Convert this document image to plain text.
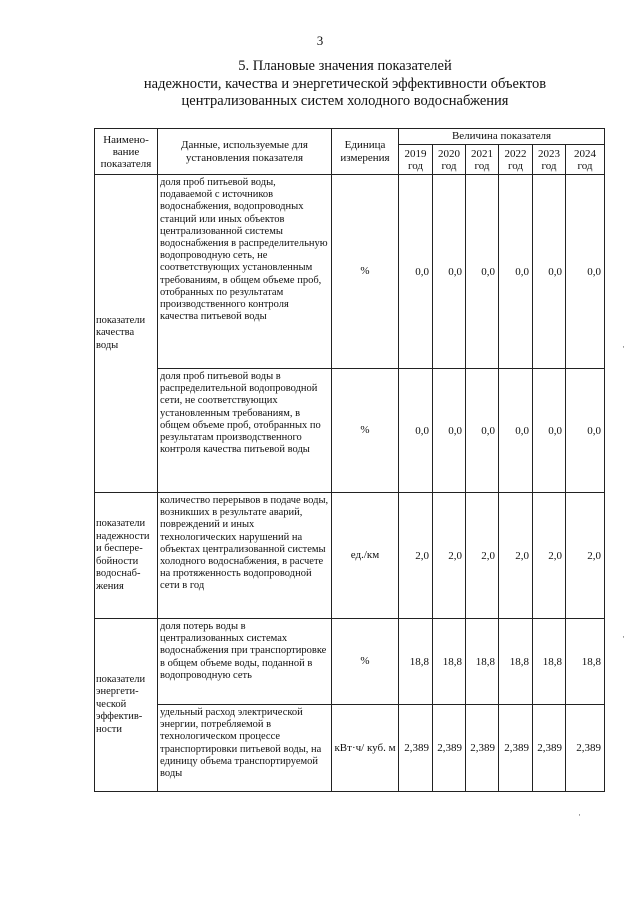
3
5. Плановые значения показателей
надежности, качества и энергетической эффективности объектов
централизованных систем холодного водоснабжения
Наимено-вание показателя	Данные, используемые для установления показателя	Единица измерения	Величина показателя					
			2019 год	2020 год	2021 год	2022 год	2023 год	2024 год
показатели качества воды	доля проб питьевой воды, подаваемой с источников водоснабжения, водопроводных станций или иных объектов централизованной системы водоснабжения в распределительную водопроводную сеть, не соответствующих установленным требованиям, в общем объеме проб, отобранных по результатам производственного контроля качества питьевой воды	%	0,0	0,0	0,0	0,0	0,0	0,0
	доля проб питьевой воды в распределительной водопроводной сети, не соответствующих установленным требованиям, в общем объеме проб, отобранных по результатам производственного контроля качества питьевой воды	%	0,0	0,0	0,0	0,0	0,0	0,0
показатели надежности и беспере-бойности водоснаб-жения	количество перерывов в подаче воды, возникших в результате аварий, повреждений и иных технологических нарушений на объектах централизованной системы холодного водоснабжения, в расчете на протяженность водопроводной сети в год	ед./км	2,0	2,0	2,0	2,0	2,0	2,0
показатели энергети-ческой эффектив-ности	доля потерь воды в централизованных системах водоснабжения при транспортировке в общем объеме воды, поданной в водопроводную сеть	%	18,8	18,8	18,8	18,8	18,8	18,8
	удельный расход электрической энергии, потребляемой в технологическом процессе транспортировки питьевой воды, на единицу объема транспортируемой воды	кВт·ч/ куб. м	2,389	2,389	2,389	2,389	2,389	2,389
·
·
·
